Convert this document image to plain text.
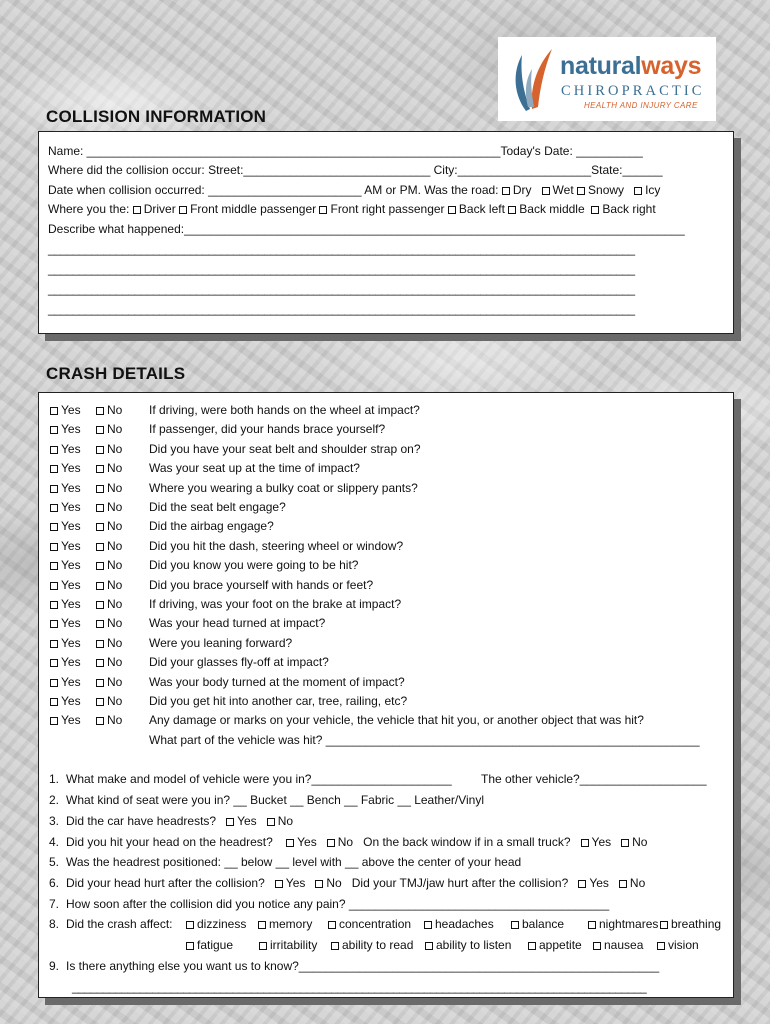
naturalways
CHIROPRACTIC
HEALTH AND INJURY CARE
COLLISION INFORMATION
Name: ______________________________________________________________Today's Date: __________
Where did the collision occur: Street:____________________________ City:____________________State:______
Date when collision occurred: _______________________ AM or PM. Was the road: Dry Wet Snowy Icy
Where you the: Driver Front middle passenger Front right passenger Back left Back middle Back right
Describe what happened:___________________________________________________________________________
_______________________________________________________________________________________________
_______________________________________________________________________________________________
_______________________________________________________________________________________________
_______________________________________________________________________________________________
CRASH DETAILS
Yes	No If driving, were both hands on the wheel at impact?
Yes	No If passenger, did your hands brace yourself?
Yes	No Did you have your seat belt and shoulder strap on?
Yes	No Was your seat up at the time of impact?
Yes	No Where you wearing a bulky coat or slippery pants?
Yes	No Did the seat belt engage?
Yes	No Did the airbag engage?
Yes	No Did you hit the dash, steering wheel or window?
Yes	No Did you know you were going to be hit?
Yes	No Did you brace yourself with hands or feet?
Yes	No If driving, was your foot on the brake at impact?
Yes	No Was your head turned at impact?
Yes	No Were you leaning forward?
Yes	No Did your glasses fly-off at impact?
Yes	No Was your body turned at the moment of impact?
Yes	No Did you get hit into another car, tree, railing, etc?
Yes	No Any damage or marks on your vehicle, the vehicle that hit you, or another object that was hit?
What part of the vehicle was hit? ________________________________________________________
1. What make and model of vehicle were you in?_____________________ The other vehicle?___________________
2. What kind of seat were you in? __ Bucket __ Bench __ Fabric __ Leather/Vinyl
3. Did the car have headrests? Yes No
4. Did you hit your head on the headrest? Yes No On the back window if in a small truck? Yes No
5. Was the headrest positioned: __ below __ level with __ above the center of your head
6. Did your head hurt after the collision? Yes No Did your TMJ/jaw hurt after the collision? Yes No
7. How soon after the collision did you notice any pain? _______________________________________
8. Did the crash affect:	dizziness	memory	concentration	headaches	balance	nightmares	breathing
fatigue	irritability	ability to read	ability to listen	appetite	nausea	vision
9. Is there anything else you want us to know?______________________________________________________
_____________________________________________________________________________________________
